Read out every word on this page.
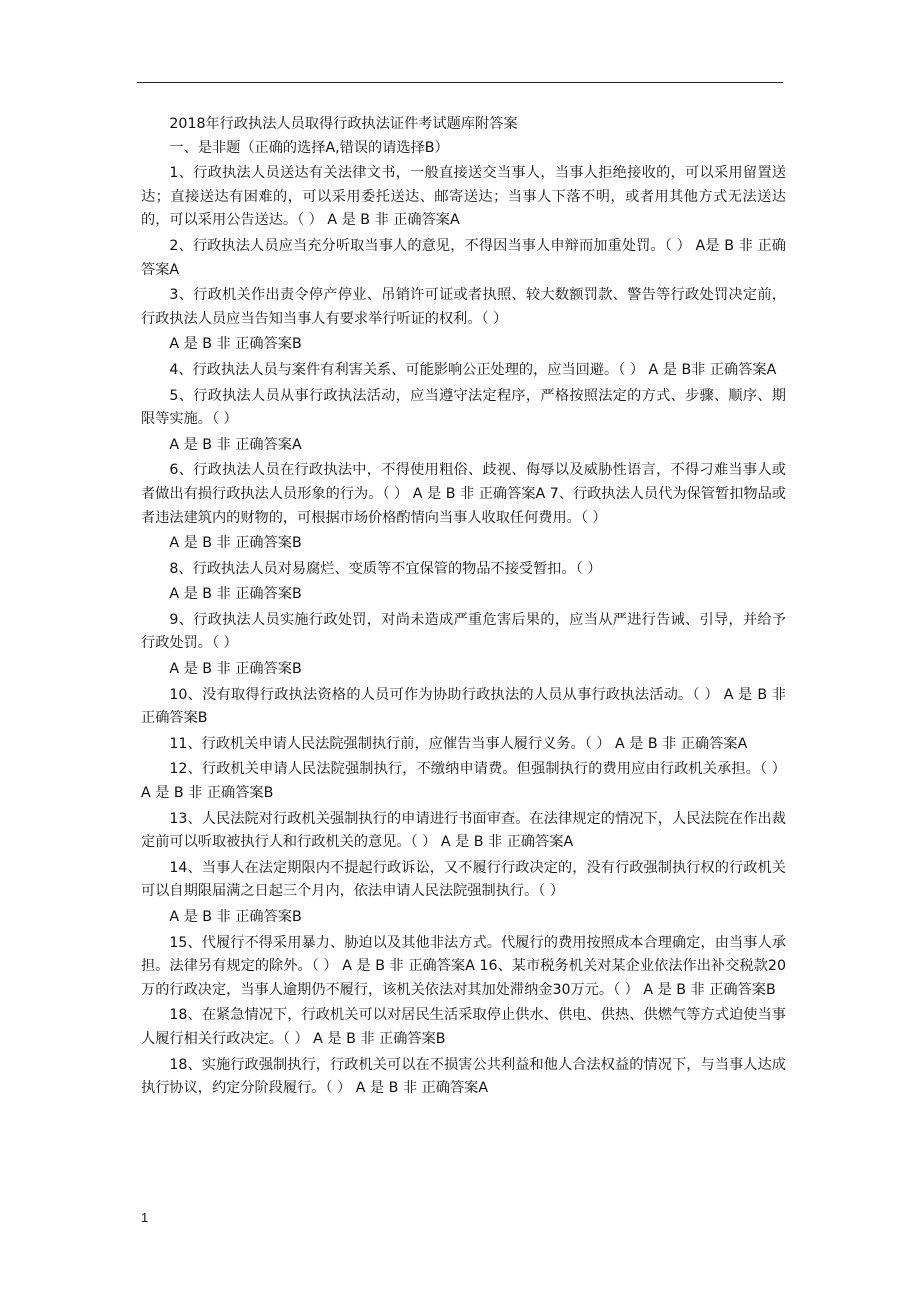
2018年行政执法人员取得行政执法证件考试题库附答案

一、是非题（正确的选择A,错误的请选择B）

1、行政执法人员送达有关法律文书，一般直接送交当事人，当事人拒绝接收的，可以采用留置送达；直接送达有困难的，可以采用委托送达、邮寄送达；当事人下落不明，或者用其他方式无法送达的，可以采用公告送达。（ ） A 是 B 非 正确答案A

2、行政执法人员应当充分听取当事人的意见，不得因当事人申辩而加重处罚。（ ） A是 B 非 正确答案A

3、行政机关作出责令停产停业、吊销许可证或者执照、较大数额罚款、警告等行政处罚决定前，行政执法人员应当告知当事人有要求举行听证的权利。（ ）

A 是 B 非 正确答案B

4、行政执法人员与案件有利害关系、可能影响公正处理的，应当回避。（ ） A 是 B非 正确答案A

5、行政执法人员从事行政执法活动，应当遵守法定程序，严格按照法定的方式、步骤、顺序、期限等实施。（ ）

A 是 B 非 正确答案A

6、行政执法人员在行政执法中，不得使用粗俗、歧视、侮辱以及威胁性语言，不得刁难当事人或者做出有损行政执法人员形象的行为。（ ） A 是 B 非 正确答案A 7、行政执法人员代为保管暂扣物品或者违法建筑内的财物的，可根据市场价格酌情向当事人收取任何费用。（ ）

A 是 B 非 正确答案B

8、行政执法人员对易腐烂、变质等不宜保管的物品不接受暂扣。（ ）

A 是 B 非 正确答案B

9、行政执法人员实施行政处罚，对尚未造成严重危害后果的，应当从严进行告诫、引导，并给予行政处罚。（ ）

A 是 B 非 正确答案B

10、没有取得行政执法资格的人员可作为协助行政执法的人员从事行政执法活动。（ ） A 是 B 非 正确答案B

11、行政机关申请人民法院强制执行前，应催告当事人履行义务。（ ） A 是 B 非 正确答案A

12、行政机关申请人民法院强制执行，不缴纳申请费。但强制执行的费用应由行政机关承担。（ ） A 是 B 非 正确答案B

13、人民法院对行政机关强制执行的申请进行书面审查。在法律规定的情况下，人民法院在作出裁定前可以听取被执行人和行政机关的意见。（ ） A 是 B 非 正确答案A

14、当事人在法定期限内不提起行政诉讼，又不履行行政决定的，没有行政强制执行权的行政机关可以自期限届满之日起三个月内，依法申请人民法院强制执行。（ ）

A 是 B 非 正确答案B

15、代履行不得采用暴力、胁迫以及其他非法方式。代履行的费用按照成本合理确定，由当事人承担。法律另有规定的除外。（ ） A 是 B 非 正确答案A 16、某市税务机关对某企业依法作出补交税款20万的行政决定，当事人逾期仍不履行，该机关依法对其加处滞纳金30万元。（ ） A 是 B 非 正确答案B

18、在紧急情况下，行政机关可以对居民生活采取停止供水、供电、供热、供燃气等方式迫使当事人履行相关行政决定。（ ） A 是 B 非 正确答案B

18、实施行政强制执行，行政机关可以在不损害公共利益和他人合法权益的情况下，与当事人达成执行协议，约定分阶段履行。（ ） A 是 B 非 正确答案A

1
